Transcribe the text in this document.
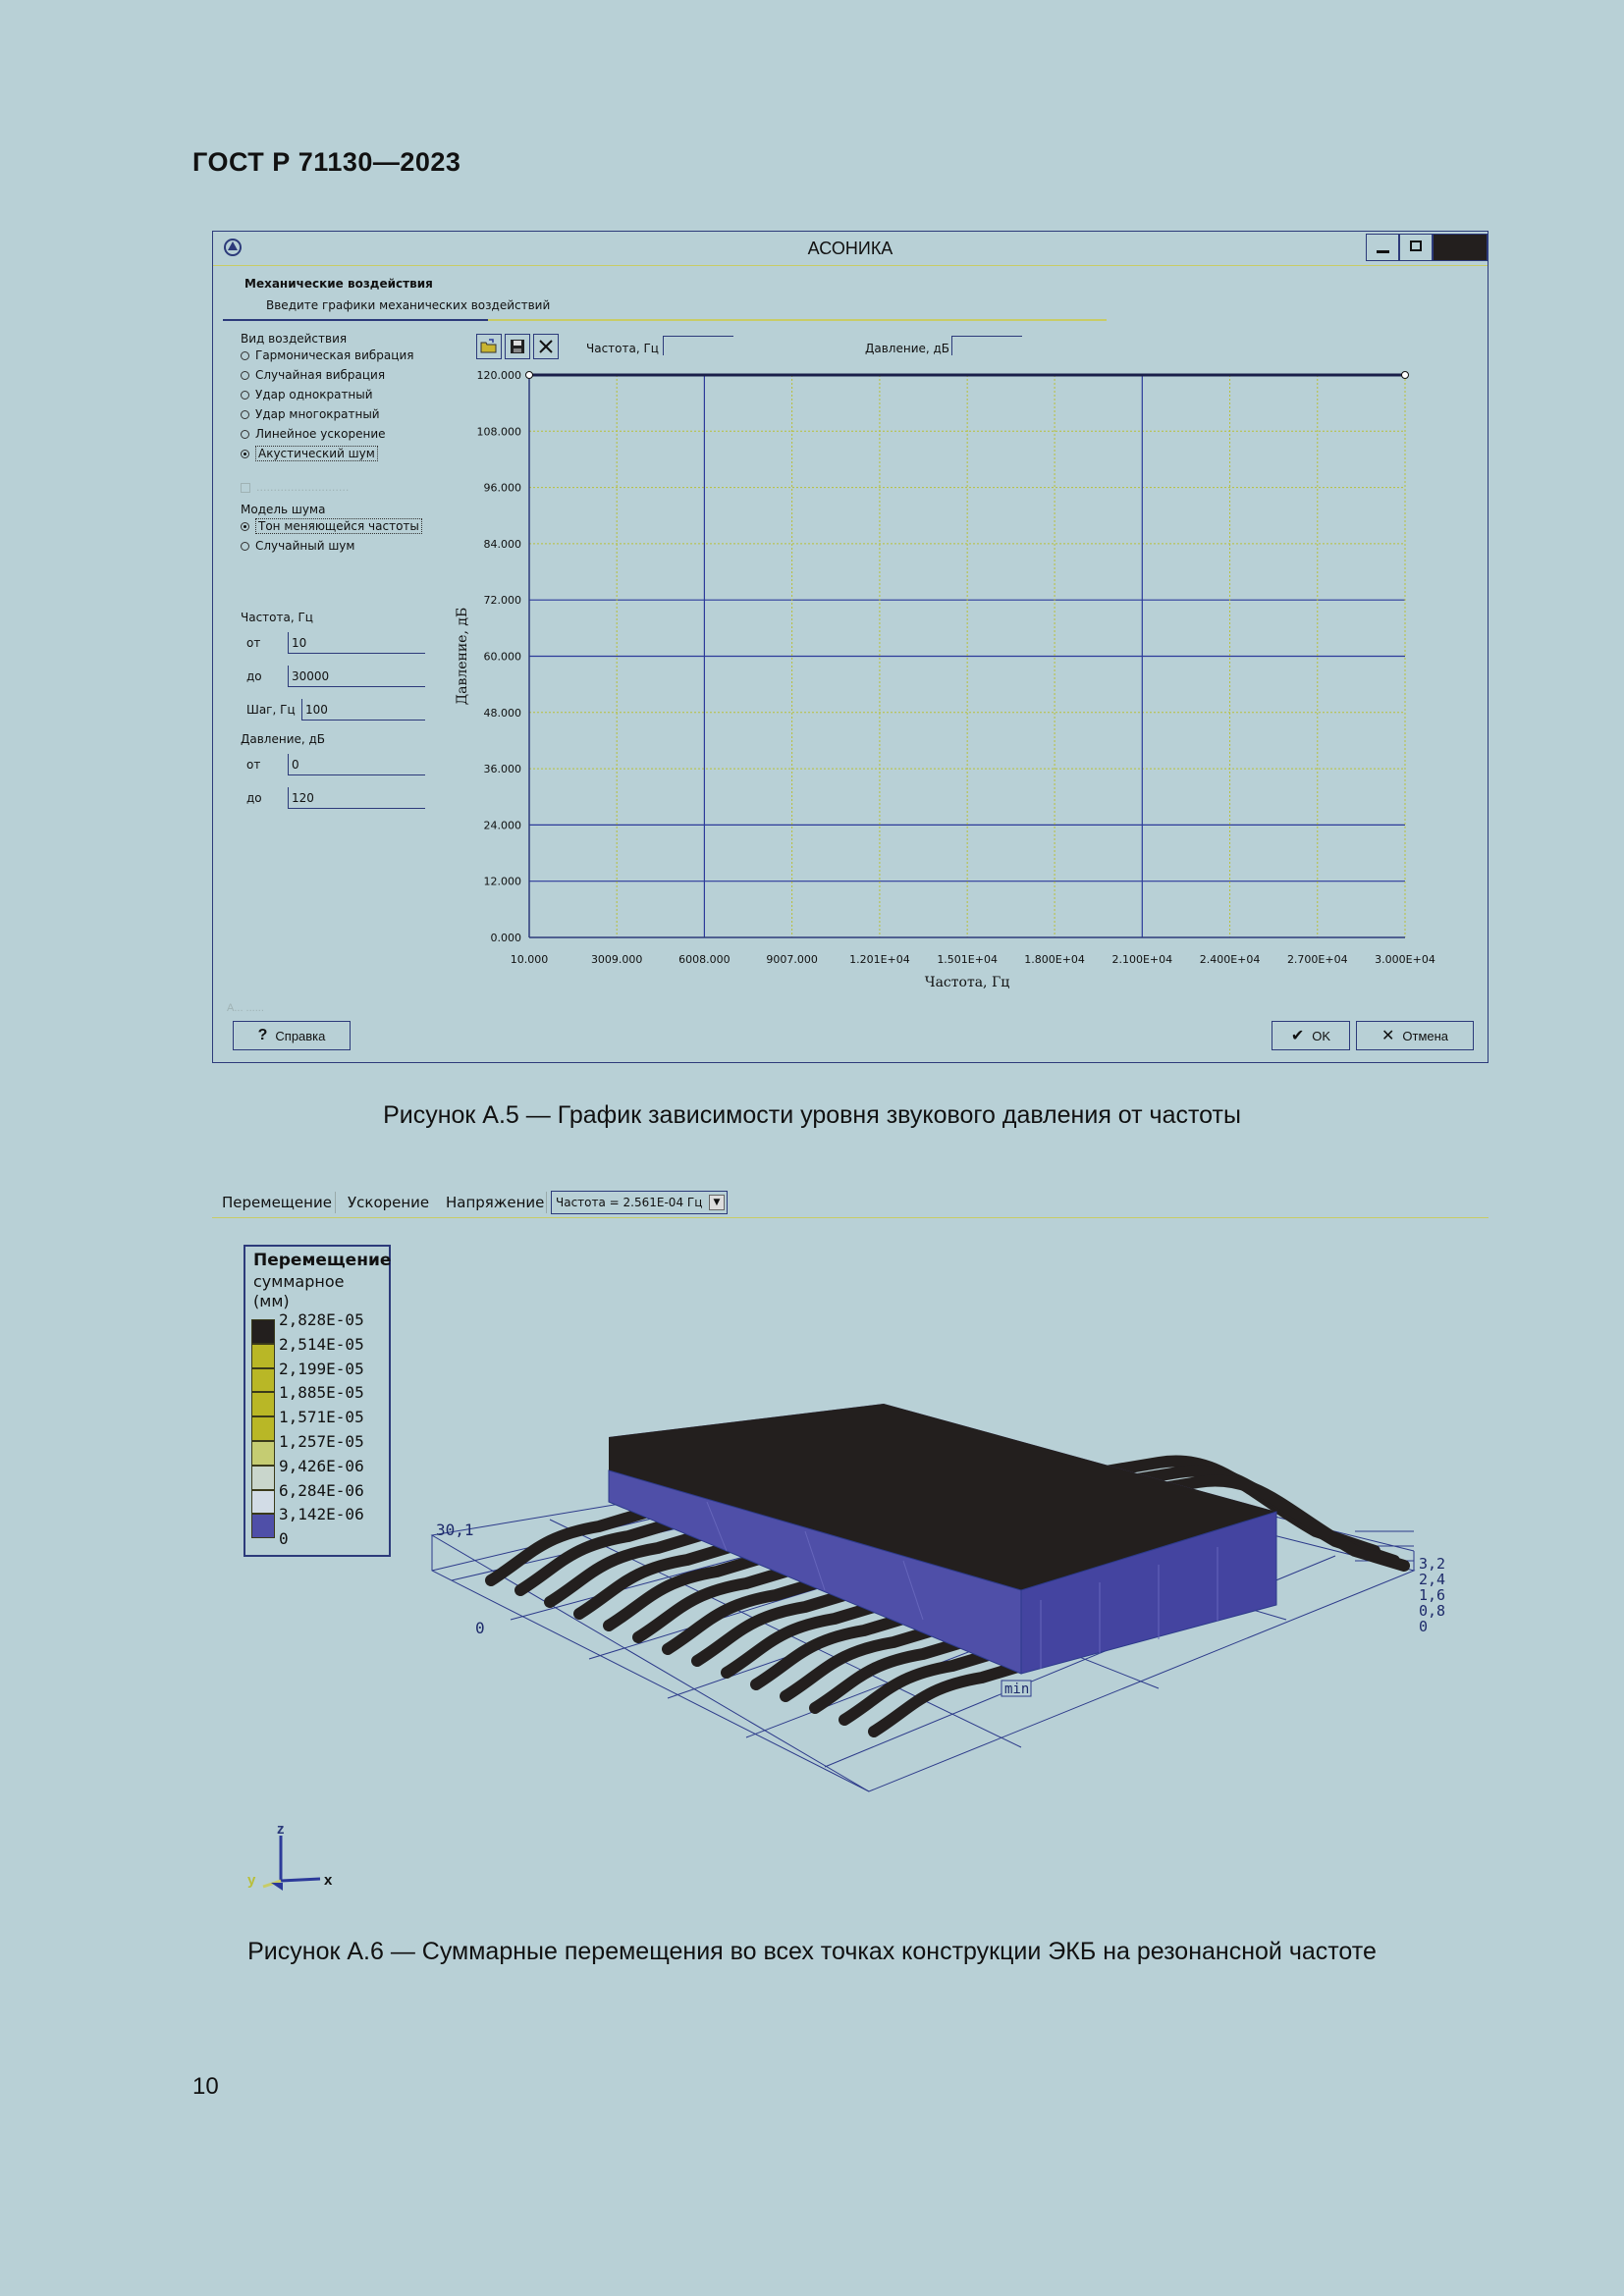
ГОСТ Р 71130—2023
АСОНИКА
Механические воздействия
Введите графики механических воздействий
Вид воздействия
Гармоническая вибрация
Случайная вибрация
Удар однократный
Удар многократный
Линейное ускорение
Акустический шум
...........................
Модель шума
Тон меняющейся частоты
Случайный шум
Частота, Гц
от	10
до	30000
Шаг, Гц 100
Давление, дБ
от	0
до	120
Частота, Гц	Давление, дБ
0.000
12.000
24.000
36.000
48.000
60.000
72.000
84.000
96.000
108.000
120.000
10.000	3009.000	6008.000	9007.000	1.201E+04	1.501E+04 1.800E+04	2.100E+04	2.400E+04	2.700E+04	3.000E+04
Частота, Гц
Давление, дБ
А... ......
? Справка	✔ OK	✕ Отмена
Рисунок А.5 — График зависимости уровня звукового давления от частоты
Перемещение Ускорение Напряжение Частота = 2.561E-04 Гц	▼
Перемещение
суммарное
(мм)
2,828E-05
2,514E-05
2,199E-05
1,885E-05
1,571E-05
1,257E-05
9,426E-06
6,284E-06
3,142E-06
0	30,1
0
min
3,2
2,4
1,6
0,8
0
z
y	x
Рисунок А.6 — Суммарные перемещения во всех точках конструкции ЭКБ на резонансной частоте
10
